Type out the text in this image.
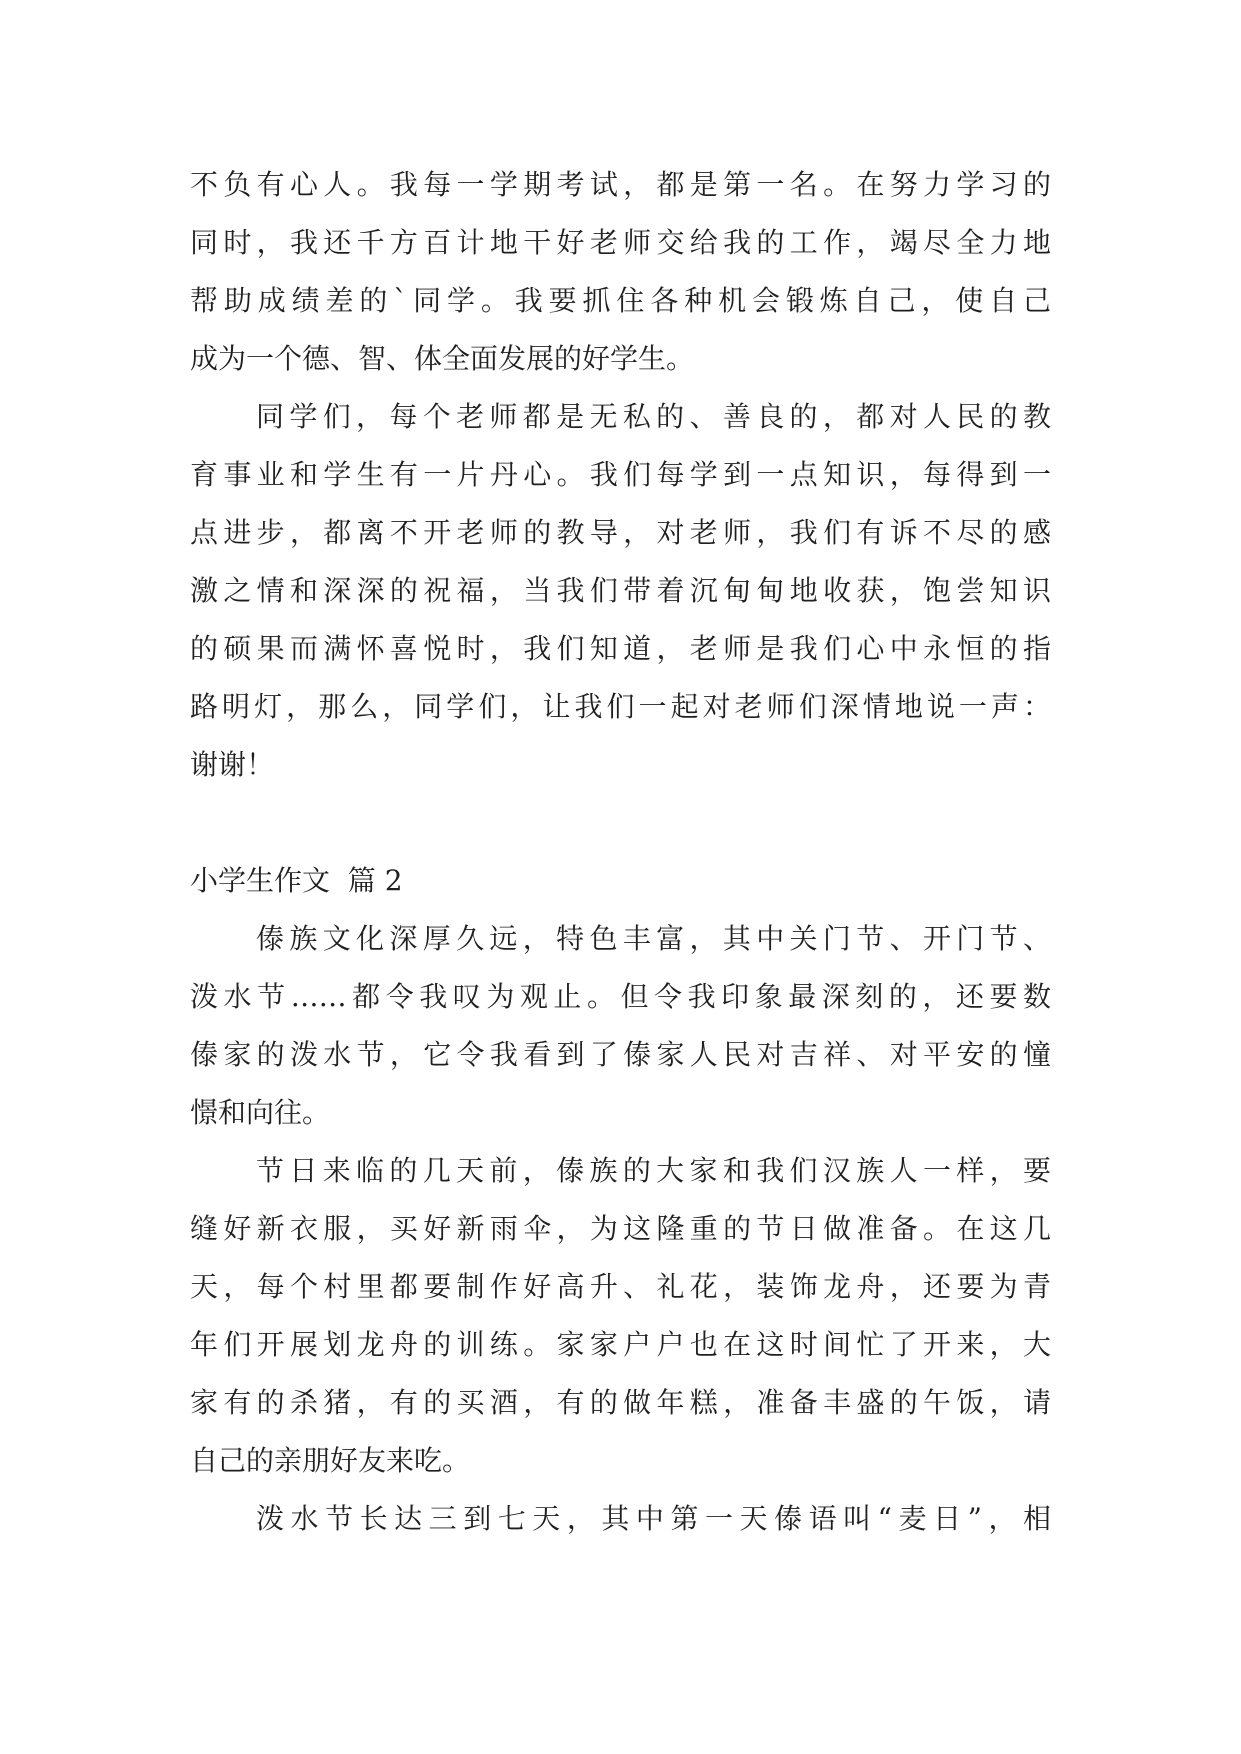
不负有心人。我每一学期考试，都是第一名。在努力学习的
同时，我还千方百计地干好老师交给我的工作，竭尽全力地
帮助成绩差的`同学。我要抓住各种机会锻炼自己，使自己
成为一个德、智、体全面发展的好学生。
同学们，每个老师都是无私的、善良的，都对人民的教
育事业和学生有一片丹心。我们每学到一点知识，每得到一
点进步，都离不开老师的教导，对老师，我们有诉不尽的感
激之情和深深的祝福，当我们带着沉甸甸地收获，饱尝知识
的硕果而满怀喜悦时，我们知道，老师是我们心中永恒的指
路明灯，那么，同学们，让我们一起对老师们深情地说一声：
谢谢！
小学生作文  篇 2
傣族文化深厚久远，特色丰富，其中关门节、开门节、
泼水节……都令我叹为观止。但令我印象最深刻的，还要数
傣家的泼水节，它令我看到了傣家人民对吉祥、对平安的憧
憬和向往。
节日来临的几天前，傣族的大家和我们汉族人一样，要
缝好新衣服，买好新雨伞，为这隆重的节日做准备。在这几
天，每个村里都要制作好高升、礼花，装饰龙舟，还要为青
年们开展划龙舟的训练。家家户户也在这时间忙了开来，大
家有的杀猪，有的买酒，有的做年糕，准备丰盛的午饭，请
自己的亲朋好友来吃。
泼水节长达三到七天，其中第一天傣语叫“麦日”，相
